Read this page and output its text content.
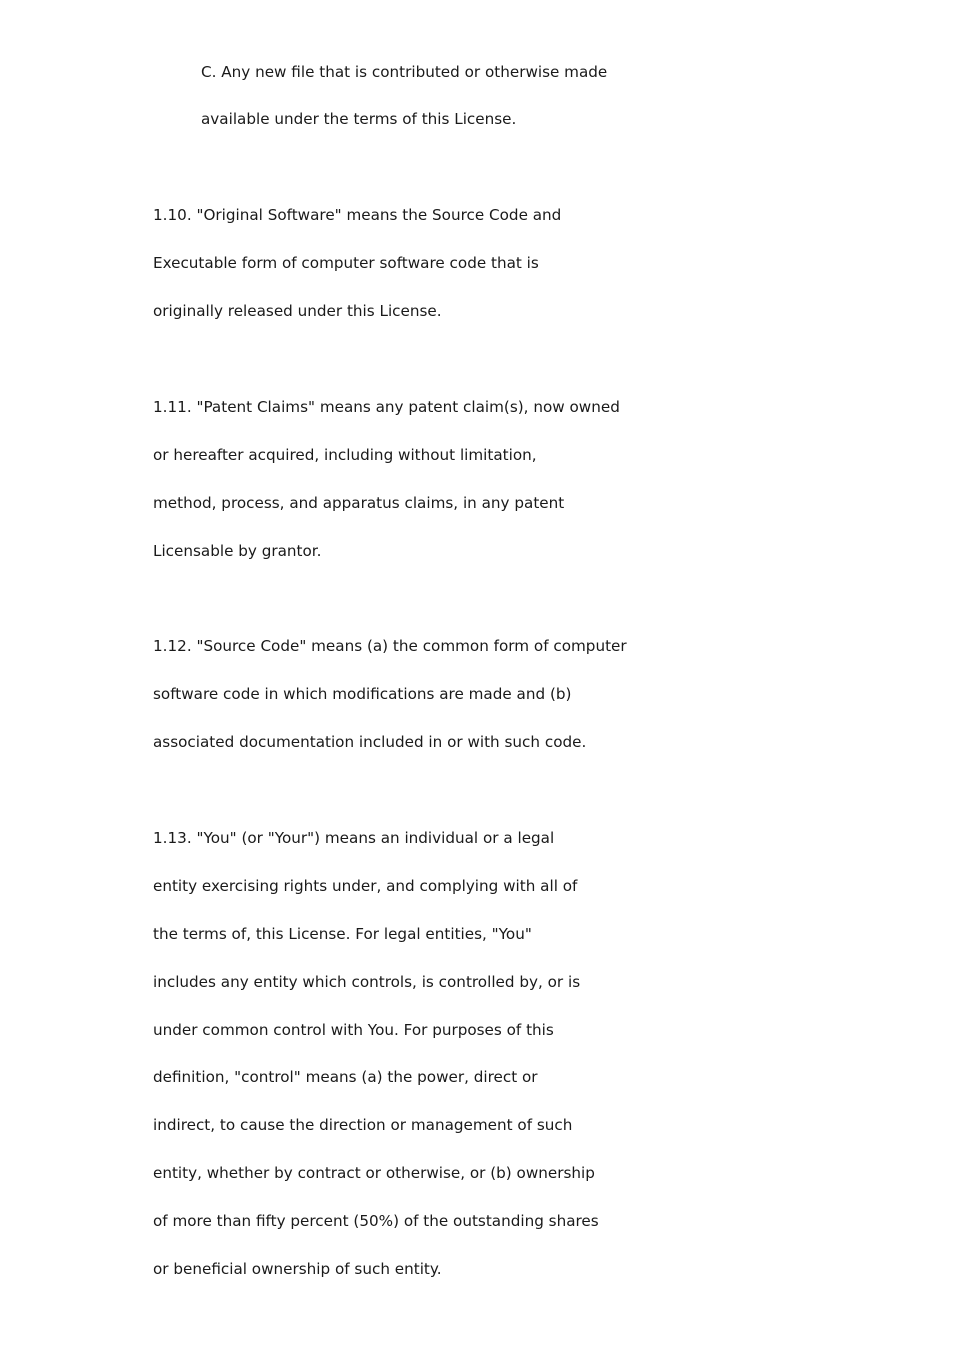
C. Any new file that is contributed or otherwise made

available under the terms of this License.

1.10. "Original Software" means the Source Code and

Executable form of computer software code that is

originally released under this License.

1.11. "Patent Claims" means any patent claim(s), now owned

or hereafter acquired, including without limitation,

method, process, and apparatus claims, in any patent

Licensable by grantor.

1.12. "Source Code" means (a) the common form of computer

software code in which modifications are made and (b)

associated documentation included in or with such code.

1.13. "You" (or "Your") means an individual or a legal

entity exercising rights under, and complying with all of

the terms of, this License. For legal entities, "You"

includes any entity which controls, is controlled by, or is

under common control with You. For purposes of this

definition, "control" means (a) the power, direct or

indirect, to cause the direction or management of such

entity, whether by contract or otherwise, or (b) ownership

of more than fifty percent (50%) of the outstanding shares

or beneficial ownership of such entity.
